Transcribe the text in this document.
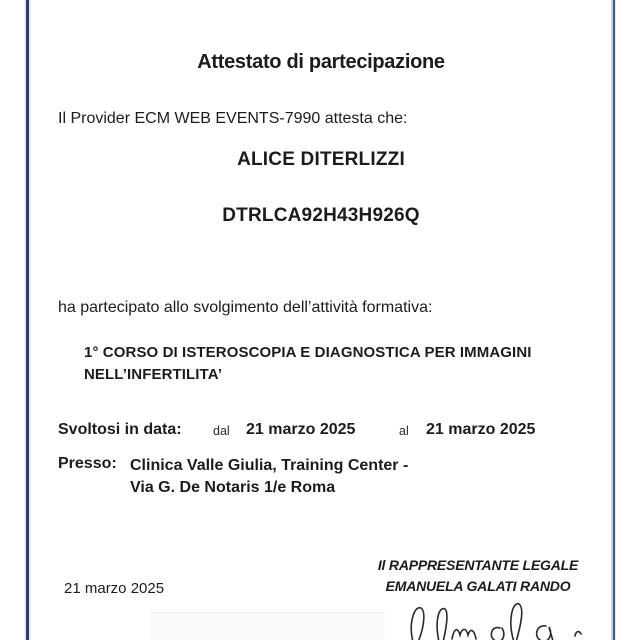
Attestato di partecipazione
Il Provider ECM WEB EVENTS-7990 attesta che:
ALICE DITERLIZZI
DTRLCA92H43H926Q
ha partecipato allo svolgimento dell’attività formativa:
1° CORSO DI ISTEROSCOPIA E DIAGNOSTICA PER IMMAGINI
NELL’INFERTILITA’
Svoltosi in data:	dal 21 marzo 2025	al 21 marzo 2025
Presso: Clinica Valle Giulia, Training Center -
Via G. De Notaris 1/e Roma
Il RAPPRESENTANTE LEGALE
EMANUELA GALATI RANDO
21 marzo 2025
